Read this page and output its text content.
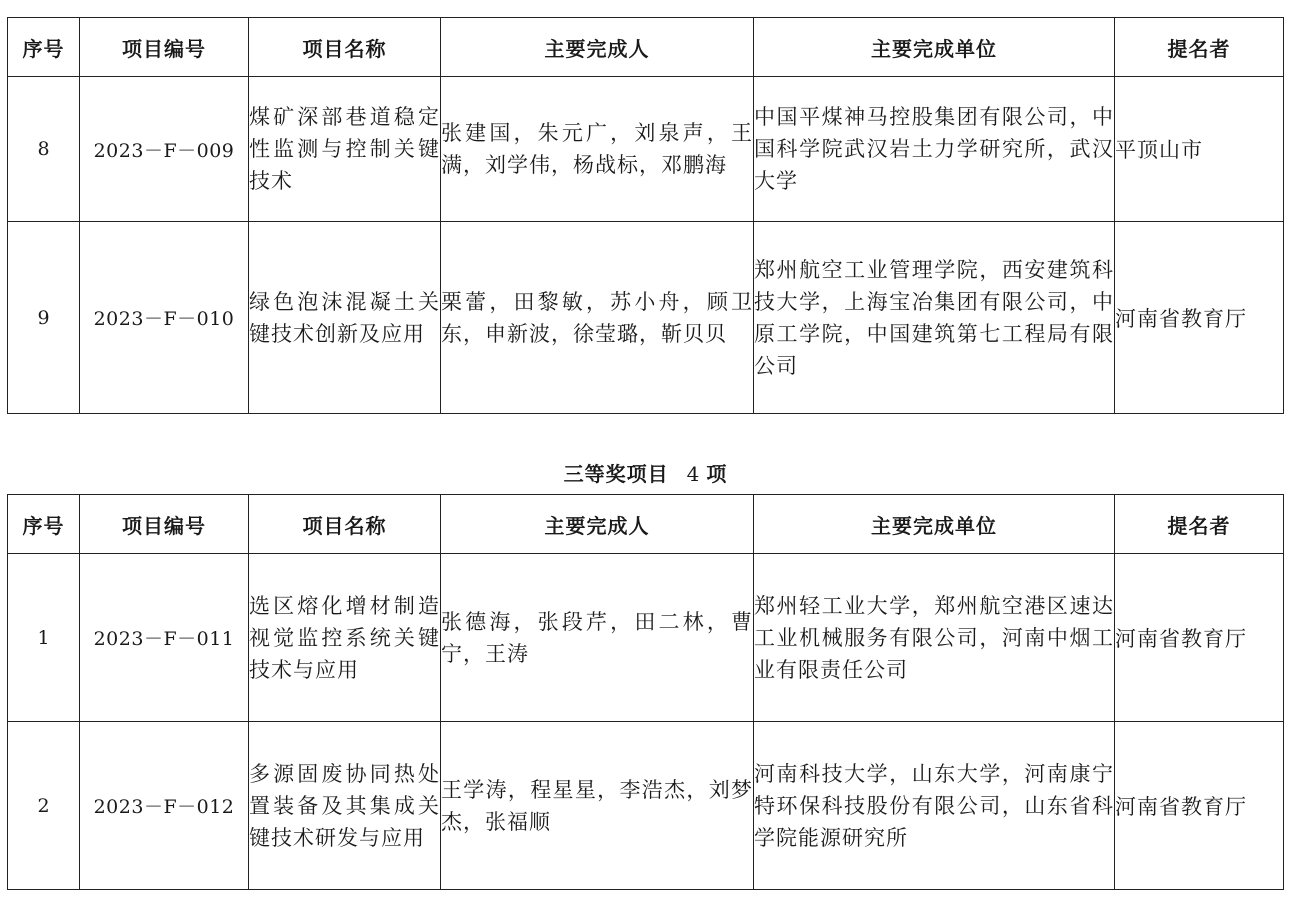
序号	项目编号	项目名称	主要完成人	主要完成单位	提名者
8	2023－F－009	煤矿深部巷道稳定性监测与控制关键技术	张建国，朱元广，刘泉声，王满，刘学伟，杨战标，邓鹏海	中国平煤神马控股集团有限公司，中国科学院武汉岩土力学研究所，武汉大学	平顶山市
9	2023－F－010	绿色泡沫混凝土关键技术创新及应用	栗蕾，田黎敏，苏小舟，顾卫东，申新波，徐莹璐，靳贝贝	郑州航空工业管理学院，西安建筑科技大学，上海宝冶集团有限公司，中原工学院，中国建筑第七工程局有限公司	河南省教育厅
三等奖项目 4 项
序号	项目编号	项目名称	主要完成人	主要完成单位	提名者
1	2023－F－011	选区熔化增材制造视觉监控系统关键技术与应用	张德海，张段芹，田二林，曹宁，王涛	郑州轻工业大学，郑州航空港区速达工业机械服务有限公司，河南中烟工业有限责任公司	河南省教育厅
2	2023－F－012	多源固废协同热处置装备及其集成关键技术研发与应用	王学涛，程星星，李浩杰，刘梦杰，张福顺	河南科技大学，山东大学，河南康宁特环保科技股份有限公司，山东省科学院能源研究所	河南省教育厅
